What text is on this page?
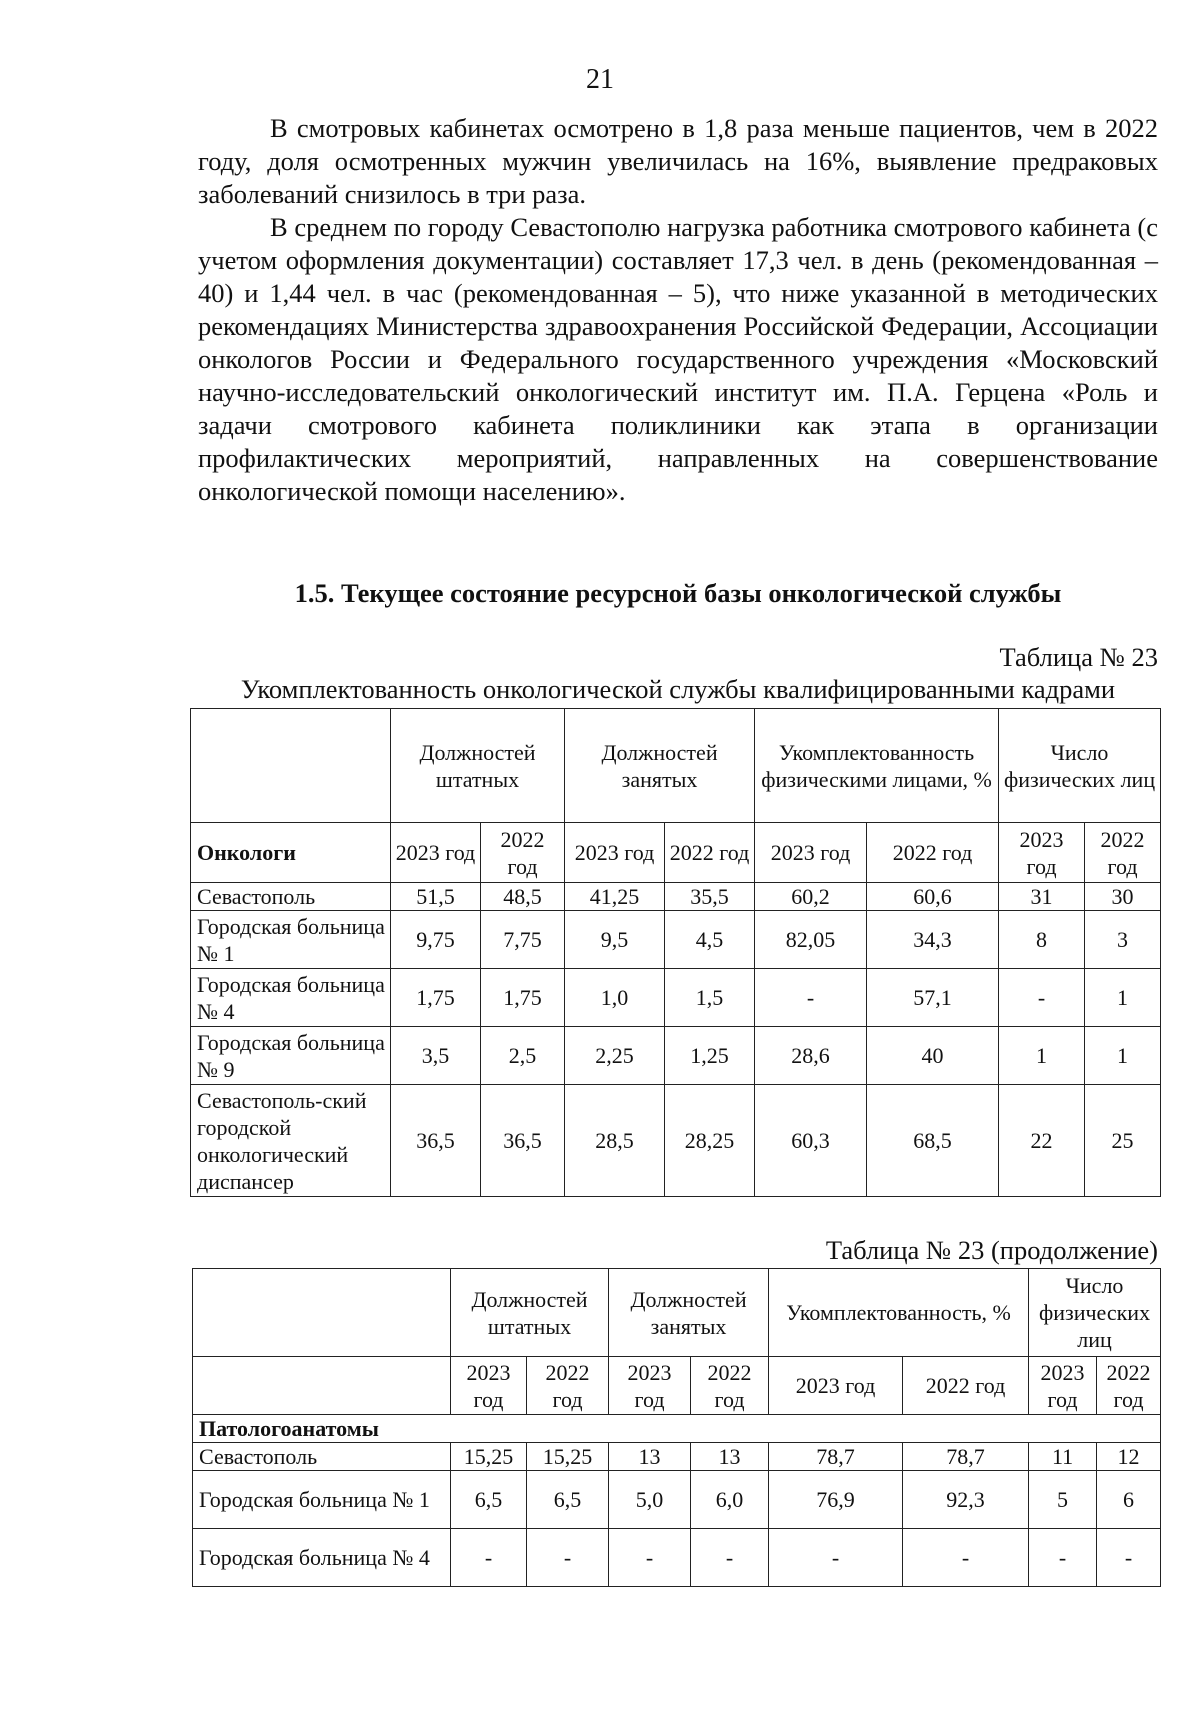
21

В смотровых кабинетах осмотрено в 1,8 раза меньше пациентов, чем в 2022 году, доля осмотренных мужчин увеличилась на 16%, выявление предраковых заболеваний снизилось в три раза.

В среднем по городу Севастополю нагрузка работника смотрового кабинета (с учетом оформления документации) составляет 17,3 чел. в день (рекомендованная – 40) и 1,44 чел. в час (рекомендованная – 5), что ниже указанной в методических рекомендациях Министерства здравоохранения Российской Федерации, Ассоциации онкологов России и Федерального государственного учреждения «Московский научно-исследовательский онкологический институт им. П.А. Герцена «Роль и задачи смотрового кабинета поликлиники как этапа в организации профилактических мероприятий, направленных на совершенствование онкологической помощи населению».

1.5. Текущее состояние ресурсной базы онкологической службы
Таблица № 23
Укомплектованность онкологической службы квалифицированными кадрами
	Должностей штатных		Должностей занятых		Укомплектованность физическими лицами, %		Число физических лиц	
Онкологи	2023 год	2022 год	2023 год	2022 год	2023 год	2022 год	2023 год	2022 год
Севастополь	51,5	48,5	41,25	35,5	60,2	60,6	31	30
Городская больница № 1	9,75	7,75	9,5	4,5	82,05	34,3	8	3
Городская больница № 4	1,75	1,75	1,0	1,5	-	57,1	-	1
Городская больница № 9	3,5	2,5	2,25	1,25	28,6	40	1	1
Севастополь-ский городской онкологический диспансер	36,5	36,5	28,5	28,25	60,3	68,5	22	25
Таблица № 23 (продолжение)
	Должностей штатных		Должностей занятых		Укомплектованность, %		Число физических лиц	
	2023 год	2022 год	2023 год	2022 год	2023 год	2022 год	2023 год	2022 год
Патологоанатомы								
Севастополь	15,25	15,25	13	13	78,7	78,7	11	12
Городская больница № 1	6,5	6,5	5,0	6,0	76,9	92,3	5	6
Городская больница № 4	-	-	-	-	-	-	-	-
